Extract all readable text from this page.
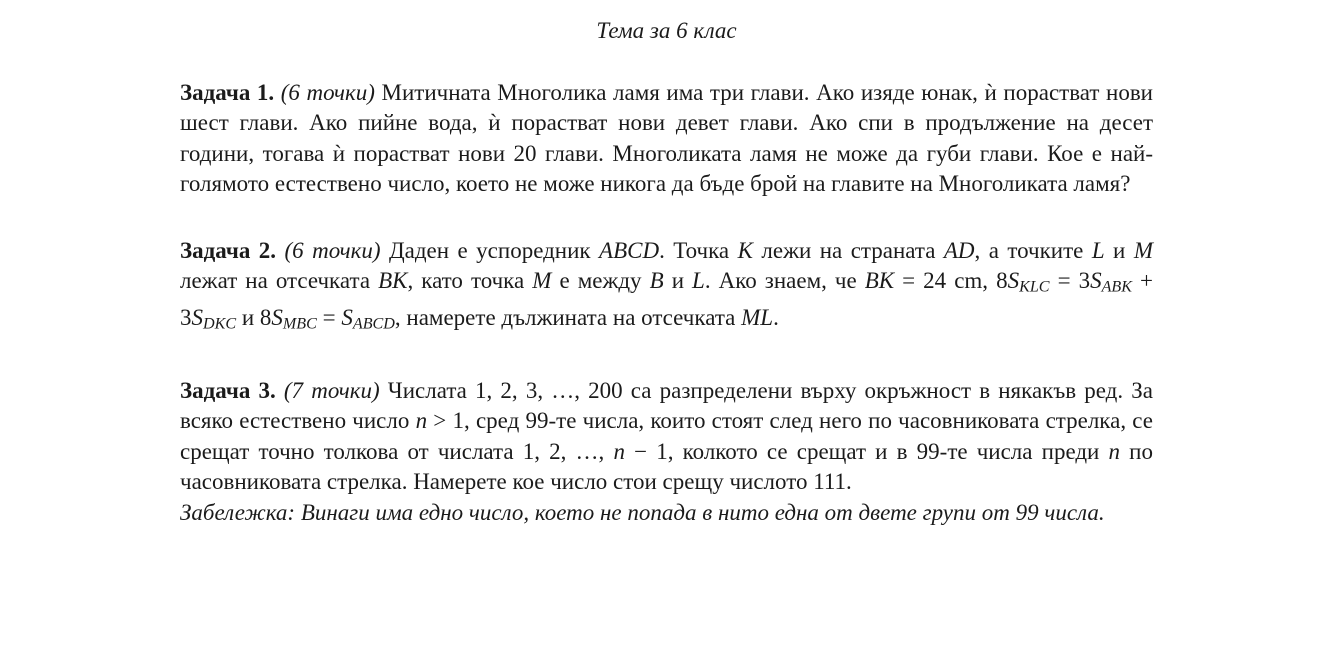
Тема за 6 клас

Задача 1. (6 точки) Митичната Многолика ламя има три глави. Ако изяде юнак, ѝ порастват нови шест глави. Ако пийне вода, ѝ порастват нови девет глави. Ако спи в продължение на десет години, тогава ѝ порастват нови 20 глави. Многоликата ламя не може да губи глави. Кое е най-голямото естествено число, което не може никога да бъде брой на главите на Многоликата ламя?

Задача 2. (6 точки) Даден е успоредник ABCD. Точка K лежи на страната AD, а точките L и M лежат на отсечката BK, като точка M е между B и L. Ако знаем, че BK = 24 cm, 8SKLC = 3SABK + 3SDKC и 8SMBC = SABCD, намерете дължината на отсечката ML.

Задача 3. (7 точки) Числата 1, 2, 3, …, 200 са разпределени върху окръжност в някакъв ред. За всяко естествено число n > 1, сред 99-те числа, които стоят след него по часовниковата стрелка, се срещат точно толкова от числата 1, 2, …, n − 1, колкото се срещат и в 99-те числа преди n по часовниковата стрелка. Намерете кое число стои срещу числото 111.

Забележка: Винаги има едно число, което не попада в нито една от двете групи от 99 числа.
